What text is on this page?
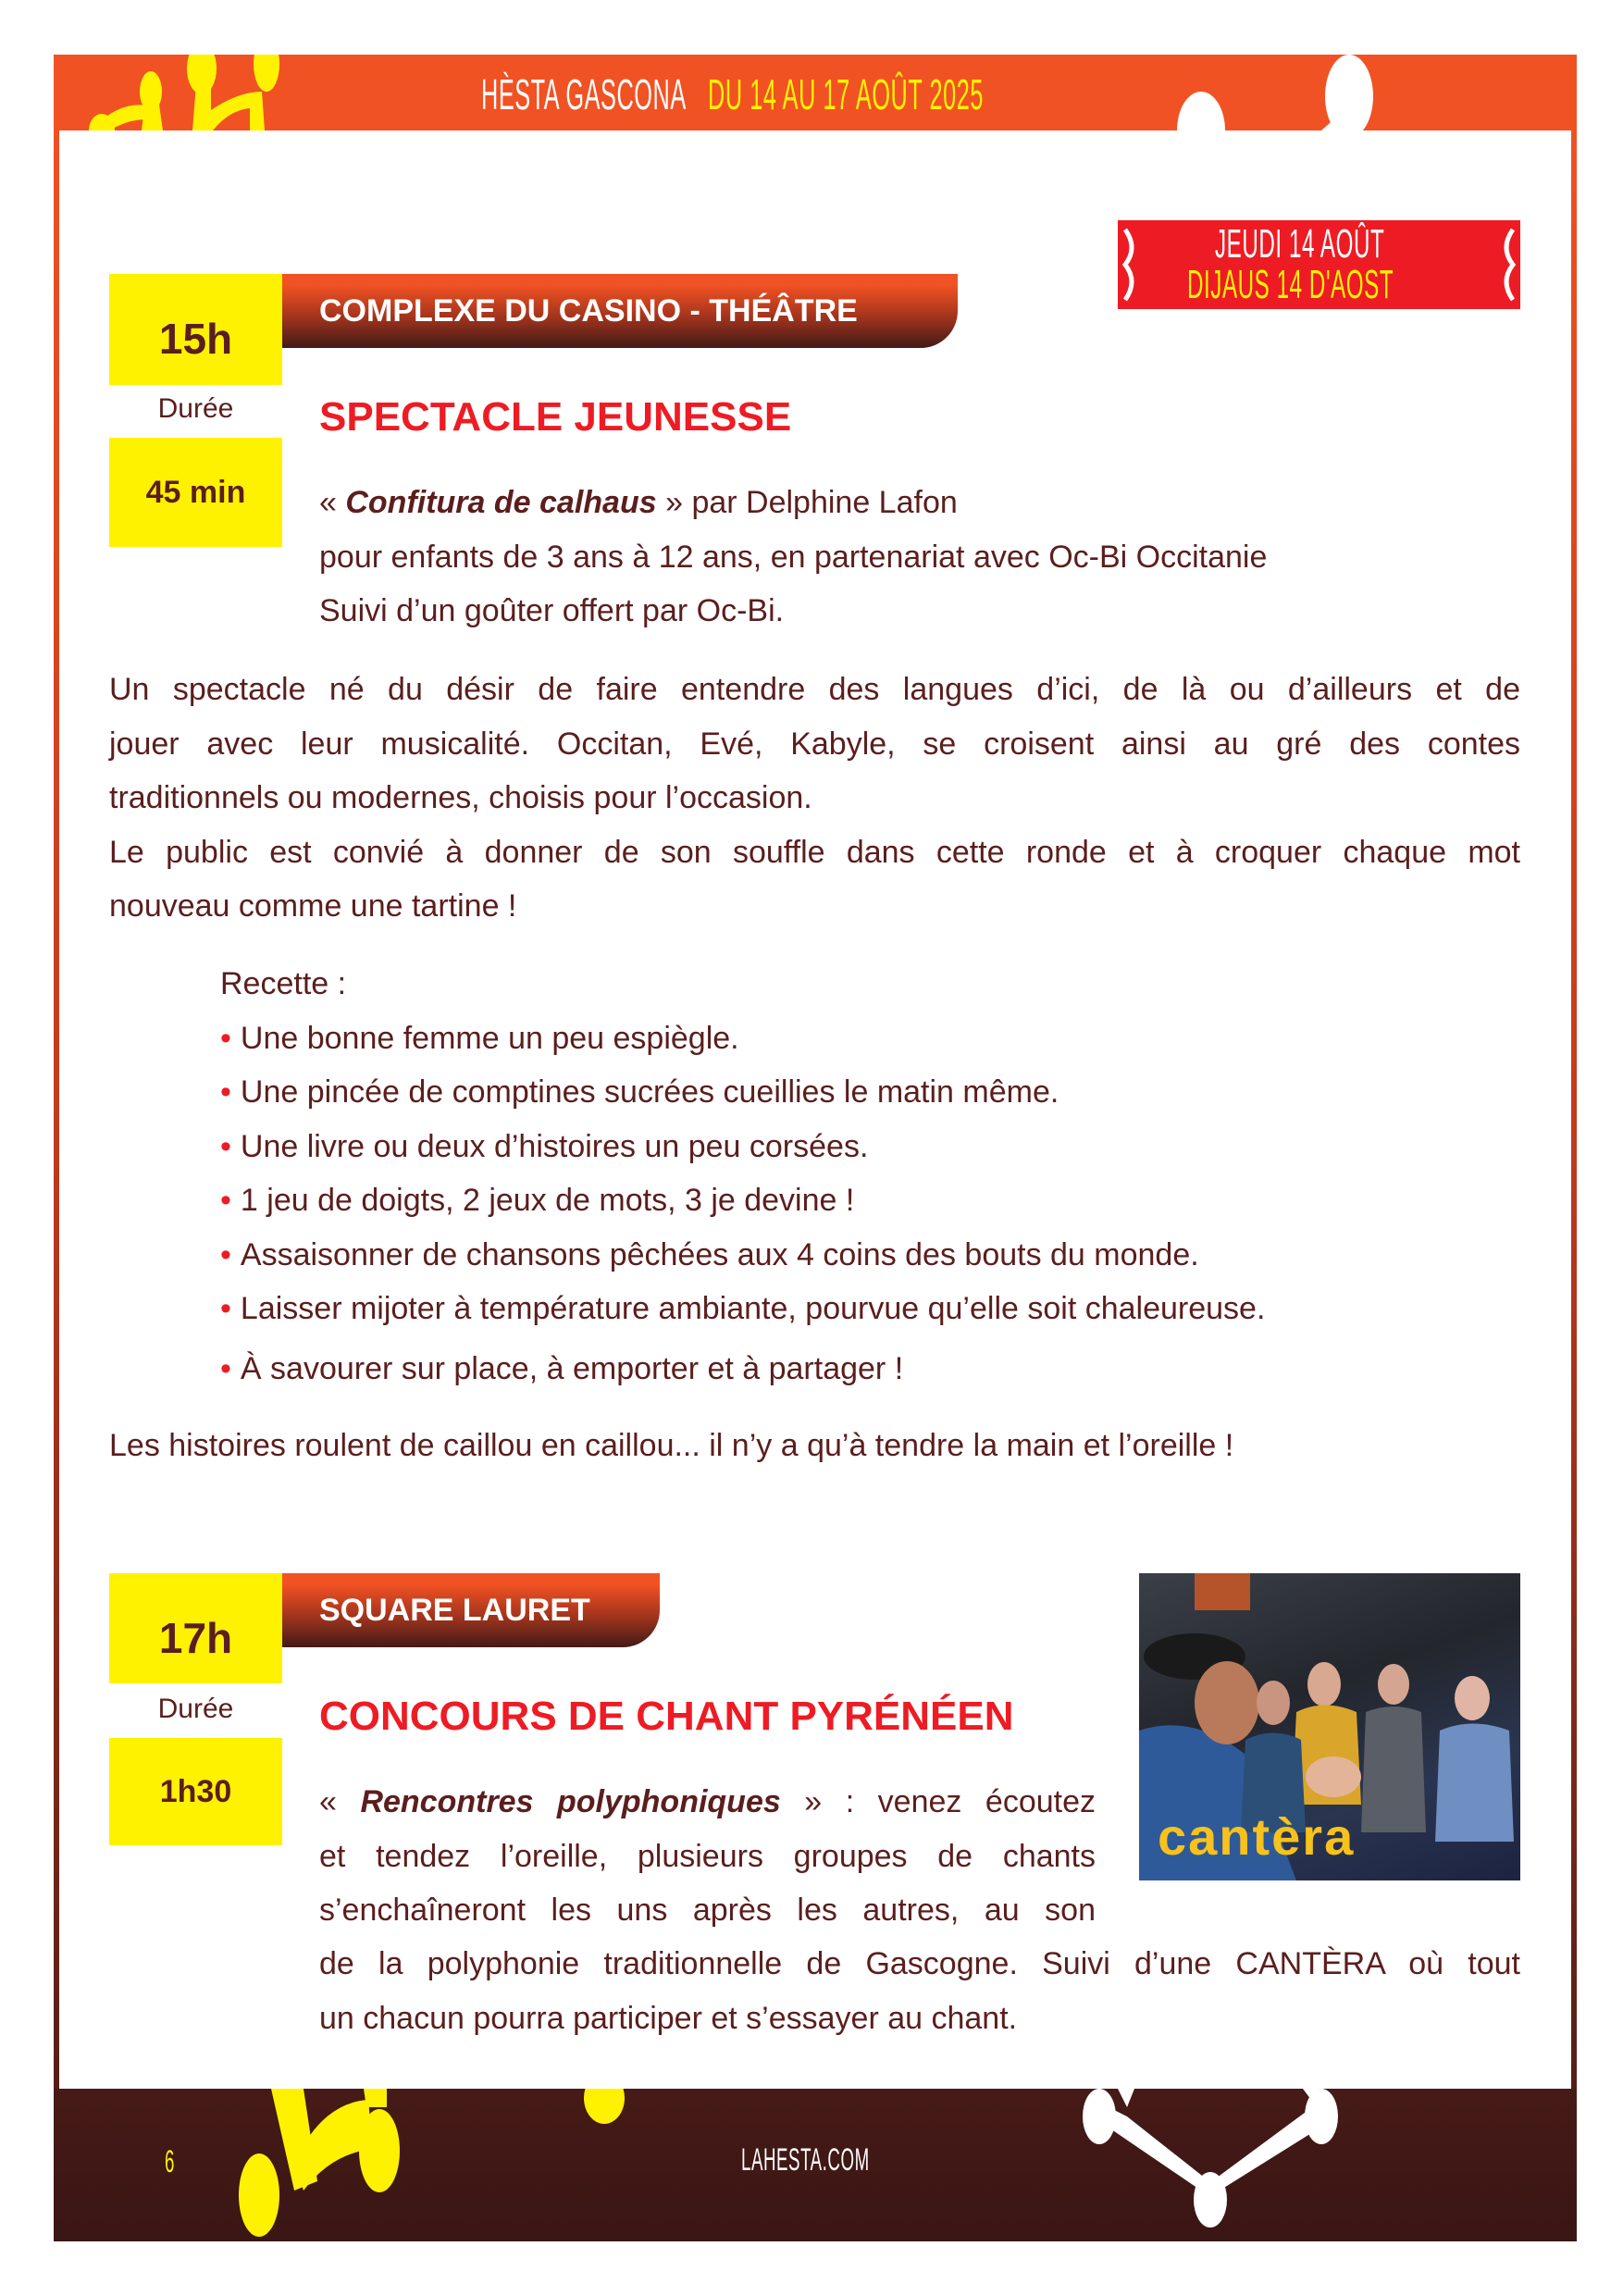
HÈSTA GASCONA DU 14 AU 17 AOÛT 2025
JEUDI 14 AOÛT
DIJAUS 14 D'AOST
15h
COMPLEXE DU CASINO - THÉÂTRE
Durée
45 min
SPECTACLE JEUNESSE
« Confitura de calhaus » par Delphine Lafon
pour enfants de 3 ans à 12 ans, en partenariat avec Oc-Bi Occitanie
Suivi d’un goûter offert par Oc-Bi.
Un spectacle né du désir de faire entendre des langues d’ici, de là ou d’ailleurs et de
jouer avec leur musicalité. Occitan, Evé, Kabyle, se croisent ainsi au gré des contes
traditionnels ou modernes, choisis pour l’occasion.
Le public est convié à donner de son souffle dans cette ronde et à croquer chaque mot
nouveau comme une tartine !
Recette :
• Une bonne femme un peu espiègle.
• Une pincée de comptines sucrées cueillies le matin même.
• Une livre ou deux d’histoires un peu corsées.
• 1 jeu de doigts, 2 jeux de mots, 3 je devine !
• Assaisonner de chansons pêchées aux 4 coins des bouts du monde.
• Laisser mijoter à température ambiante, pourvue qu’elle soit chaleureuse.
• À savourer sur place, à emporter et à partager !
Les histoires roulent de caillou en caillou... il n’y a qu’à tendre la main et l’oreille !
17h
SQUARE LAURET
Durée
1h30
CONCOURS DE CHANT PYRÉNÉEN
« Rencontres polyphoniques » : venez écoutez
et tendez l’oreille, plusieurs groupes de chants
s’enchaîneront les uns après les autres, au son
de la polyphonie traditionnelle de Gascogne. Suivi d’une CANTÈRA où tout
un chacun pourra participer et s’essayer au chant.
cantèra
6	LAHESTA.COM
